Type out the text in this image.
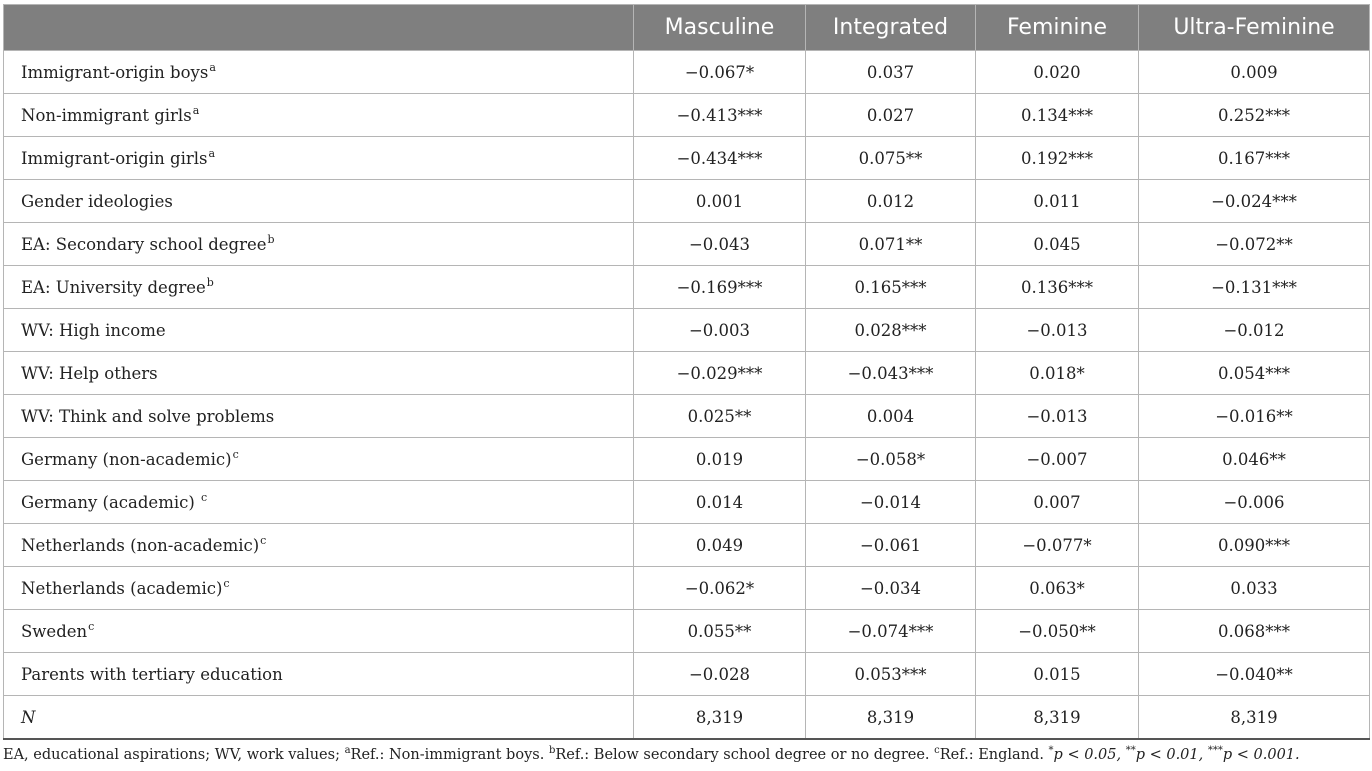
	Masculine	Integrated	Feminine	Ultra-Feminine
Immigrant-origin boys$^a$	−0.067*	0.037	0.020	0.009
Non-immigrant girls$^a$	−0.413***	0.027	0.134***	0.252***
Immigrant-origin girls$^a$	−0.434***	0.075**	0.192***	0.167***
Gender ideologies	0.001	0.012	0.011	−0.024***
EA: Secondary school degree$^b$	−0.043	0.071**	0.045	−0.072**
EA: University degree$^b$	−0.169***	0.165***	0.136***	−0.131***
WV: High income	−0.003	0.028***	−0.013	−0.012
WV: Help others	−0.029***	−0.043***	0.018*	0.054***
WV: Think and solve problems	0.025**	0.004	−0.013	−0.016**
Germany (non-academic)$^c$	0.019	−0.058*	−0.007	0.046**
Germany (academic) $^c$	0.014	−0.014	0.007	−0.006
Netherlands (non-academic)$^c$	0.049	−0.061	−0.077*	0.090***
Netherlands (academic)$^c$	−0.062*	−0.034	0.063*	0.033
Sweden$^c$	0.055**	−0.074***	−0.050**	0.068***
Parents with tertiary education	−0.028	0.053***	0.015	−0.040**
N	8,319	8,319	8,319	8,319
EA, educational aspirations; WV, work values; $^a$Ref.: Non-immigrant boys. $^b$Ref.: Below secondary school degree or no degree. $^c$Ref.: England. *p < 0.05, **p < 0.01, ***p < 0.001.
